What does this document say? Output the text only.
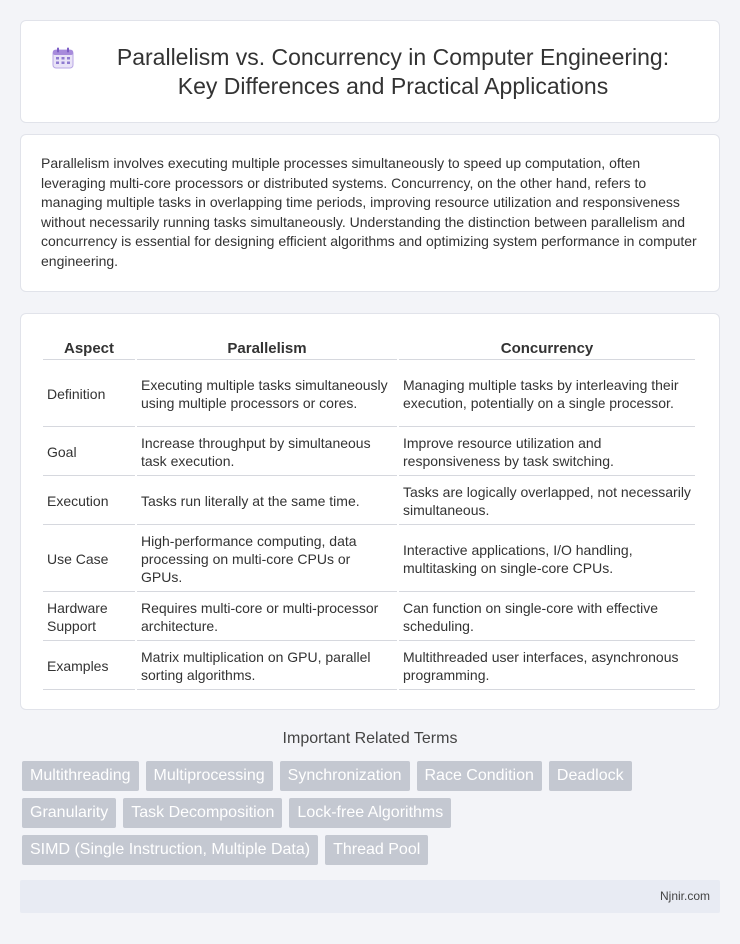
Parallelism vs. Concurrency in Computer Engineering: Key Differences and Practical Applications

Parallelism involves executing multiple processes simultaneously to speed up computation, often leveraging multi-core processors or distributed systems. Concurrency, on the other hand, refers to managing multiple tasks in overlapping time periods, improving resource utilization and responsiveness without necessarily running tasks simultaneously. Understanding the distinction between parallelism and concurrency is essential for designing efficient algorithms and optimizing system performance in computer engineering.

Aspect	Parallelism	Concurrency
Definition	Executing multiple tasks simultaneously using multiple processors or cores.	Managing multiple tasks by interleaving their execution, potentially on a single processor.
Goal	Increase throughput by simultaneous task execution.	Improve resource utilization and responsiveness by task switching.
Execution	Tasks run literally at the same time.	Tasks are logically overlapped, not necessarily simultaneous.
Use Case	High-performance computing, data processing on multi-core CPUs or GPUs.	Interactive applications, I/O handling, multitasking on single-core CPUs.
Hardware Support	Requires multi-core or multi-processor architecture.	Can function on single-core with effective scheduling.
Examples	Matrix multiplication on GPU, parallel sorting algorithms.	Multithreaded user interfaces, asynchronous programming.
Important Related Terms
Multithreading Multiprocessing Synchronization Race Condition Deadlock
Granularity Task Decomposition Lock-free Algorithms
SIMD (Single Instruction, Multiple Data) Thread Pool
Njnir.com
